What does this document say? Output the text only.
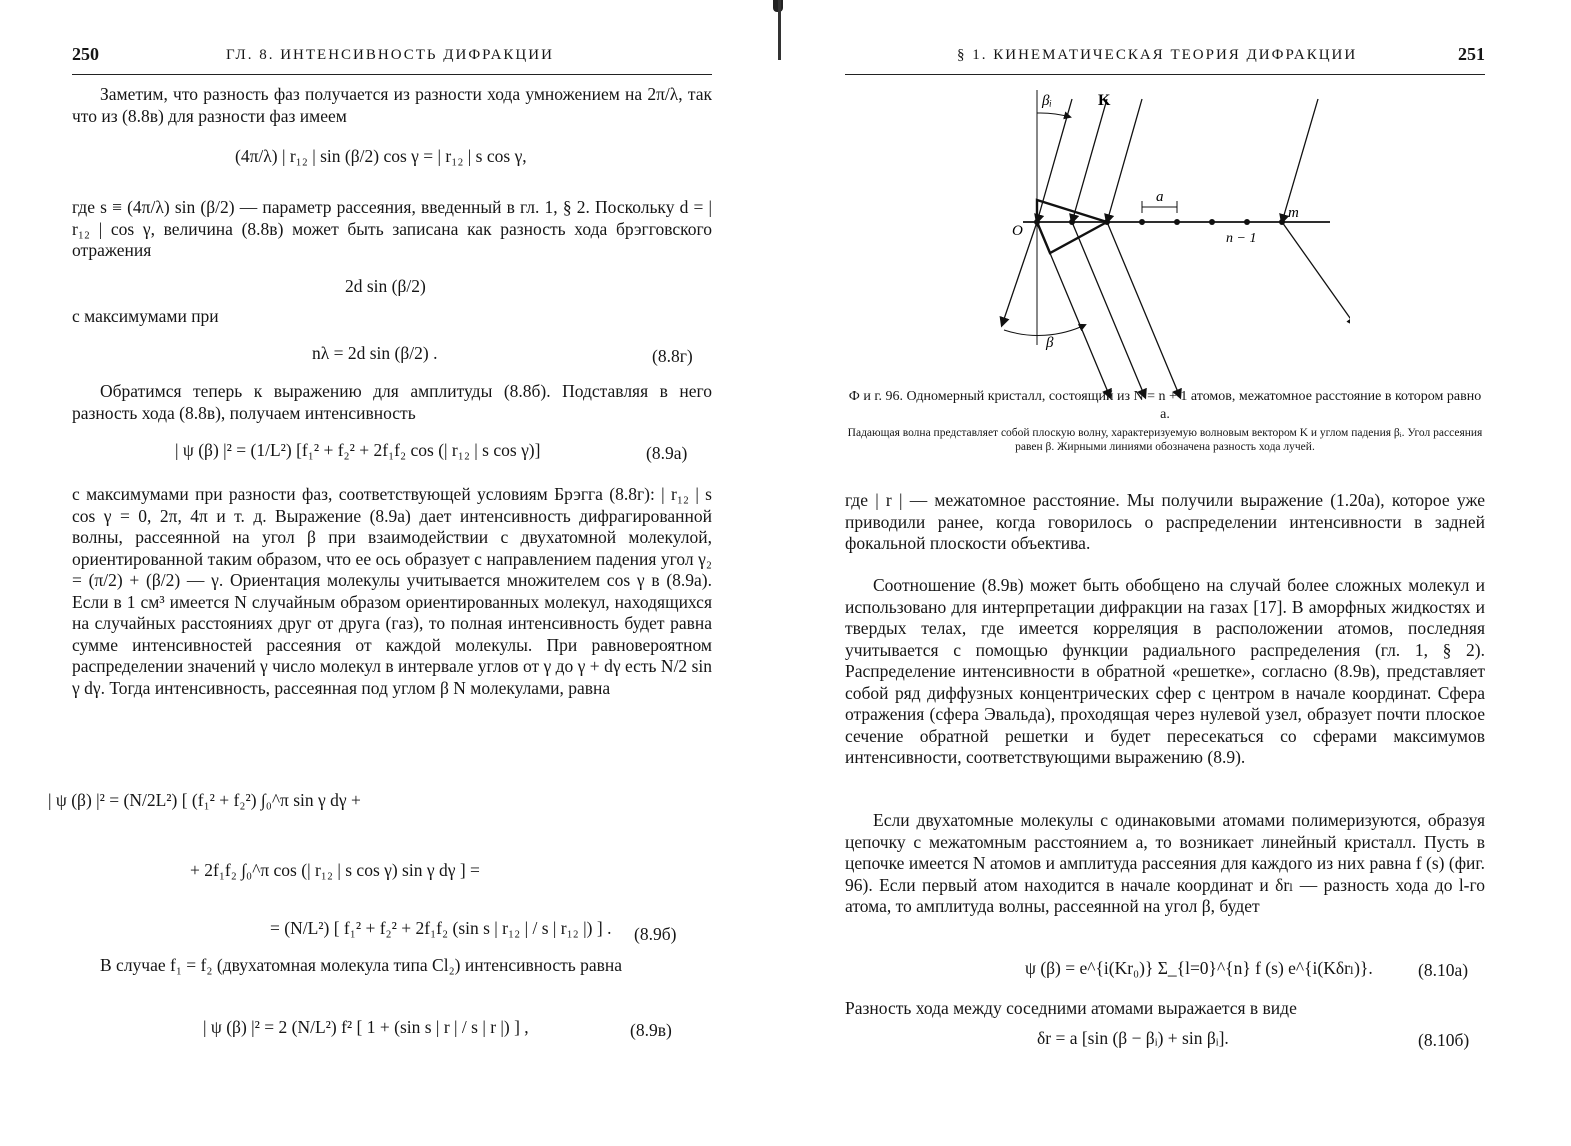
250	ГЛ. 8. ИНТЕНСИВНОСТЬ ДИФРАКЦИИ

Заметим, что разность фаз получается из разности хода умножением на 2π/λ, так что из (8.8в) для разности фаз имеем

(4π/λ) | r₁₂ | sin (β/2) cos γ = | r₁₂ | s cos γ,

где s ≡ (4π/λ) sin (β/2) — параметр рассеяния, введенный в гл. 1, § 2. Поскольку d = | r₁₂ | cos γ, величина (8.8в) может быть записана как разность хода брэгговского отражения

2d sin (β/2)

с максимумами при

nλ = 2d sin (β/2) .	(8.8г)

Обратимся теперь к выражению для амплитуды (8.8б). Подставляя в него разность хода (8.8в), получаем интенсивность

| ψ (β) |² = (1/L²) [f₁² + f₂² + 2f₁f₂ cos (| r₁₂ | s cos γ)]	(8.9а)

с максимумами при разности фаз, соответствующей условиям Брэгга (8.8г): | r₁₂ | s cos γ = 0, 2π, 4π и т. д. Выражение (8.9а) дает интенсивность дифрагированной волны, рассеянной на угол β при взаимодействии с двухатомной молекулой, ориентированной таким образом, что ее ось образует с направлением падения угол γ₂ = (π/2) + (β/2) — γ. Ориентация молекулы учитывается множителем cos γ в (8.9а). Если в 1 см³ имеется N случайным образом ориентированных молекул, находящихся на случайных расстояниях друг от друга (газ), то полная интенсивность будет равна сумме интенсивностей рассеяния от каждой молекулы. При равновероятном распределении значений γ число молекул в интервале углов от γ до γ + dγ есть N/2 sin γ dγ. Тогда интенсивность, рассеянная под углом β N молекулами, равна

| ψ (β) |² = (N/2L²) [ (f₁² + f₂²) ∫₀^π sin γ dγ +
+ 2f₁f₂ ∫₀^π cos (| r₁₂ | s cos γ) sin γ dγ ] =
= (N/L²) [ f₁² + f₂² + 2f₁f₂ (sin s | r₁₂ | / s | r₁₂ |) ] . (8.9б)

В случае f₁ = f₂ (двухатомная молекула типа Cl₂) интенсивность равна

| ψ (β) |² = 2 (N/L²) f² [ 1 + (sin s | r | / s | r |) ] ,	(8.9в)
§ 1. КИНЕМАТИЧЕСКАЯ ТЕОРИЯ ДИФРАКЦИИ	251
βᵢ	K
a
O	n − 1
m
β
Ф и г. 96. Одномерный кристалл, состоящий из N = n + 1 атомов, межатомное расстояние в котором равно a.
Падающая волна представляет собой плоскую волну, характеризуемую волновым вектором K и углом падения βᵢ. Угол рассеяния равен β. Жирными линиями обозначена разность хода лучей.

где | r | — межатомное расстояние. Мы получили выражение (1.20а), которое уже приводили ранее, когда говорилось о распределении интенсивности в задней фокальной плоскости объектива.

Соотношение (8.9в) может быть обобщено на случай более сложных молекул и использовано для интерпретации дифракции на газах [17]. В аморфных жидкостях и твердых телах, где имеется корреляция в расположении атомов, последняя учитывается с помощью функции радиального распределения (гл. 1, § 2). Распределение интенсивности в обратной «решетке», согласно (8.9в), представляет собой ряд диффузных концентрических сфер с центром в начале координат. Сфера отражения (сфера Эвальда), проходящая через нулевой узел, образует почти плоское сечение обратной решетки и будет пересекаться со сферами максимумов интенсивности, соответствующими выражению (8.9).

Если двухатомные молекулы с одинаковыми атомами полимеризуются, образуя цепочку с межатомным расстоянием a, то возникает линейный кристалл. Пусть в цепочке имеется N атомов и амплитуда рассеяния для каждого из них равна f (s) (фиг. 96). Если первый атом находится в начале координат и δrₗ — разность хода до l-го атома, то амплитуда волны, рассеянной на угол β, будет

ψ (β) = e^{i(Kr₀)} Σ_{l=0}^{n} f (s) e^{i(Kδrₗ)}.	(8.10а)

Разность хода между соседними атомами выражается в виде

δr = a [sin (β − βᵢ) + sin βᵢ].	(8.10б)
